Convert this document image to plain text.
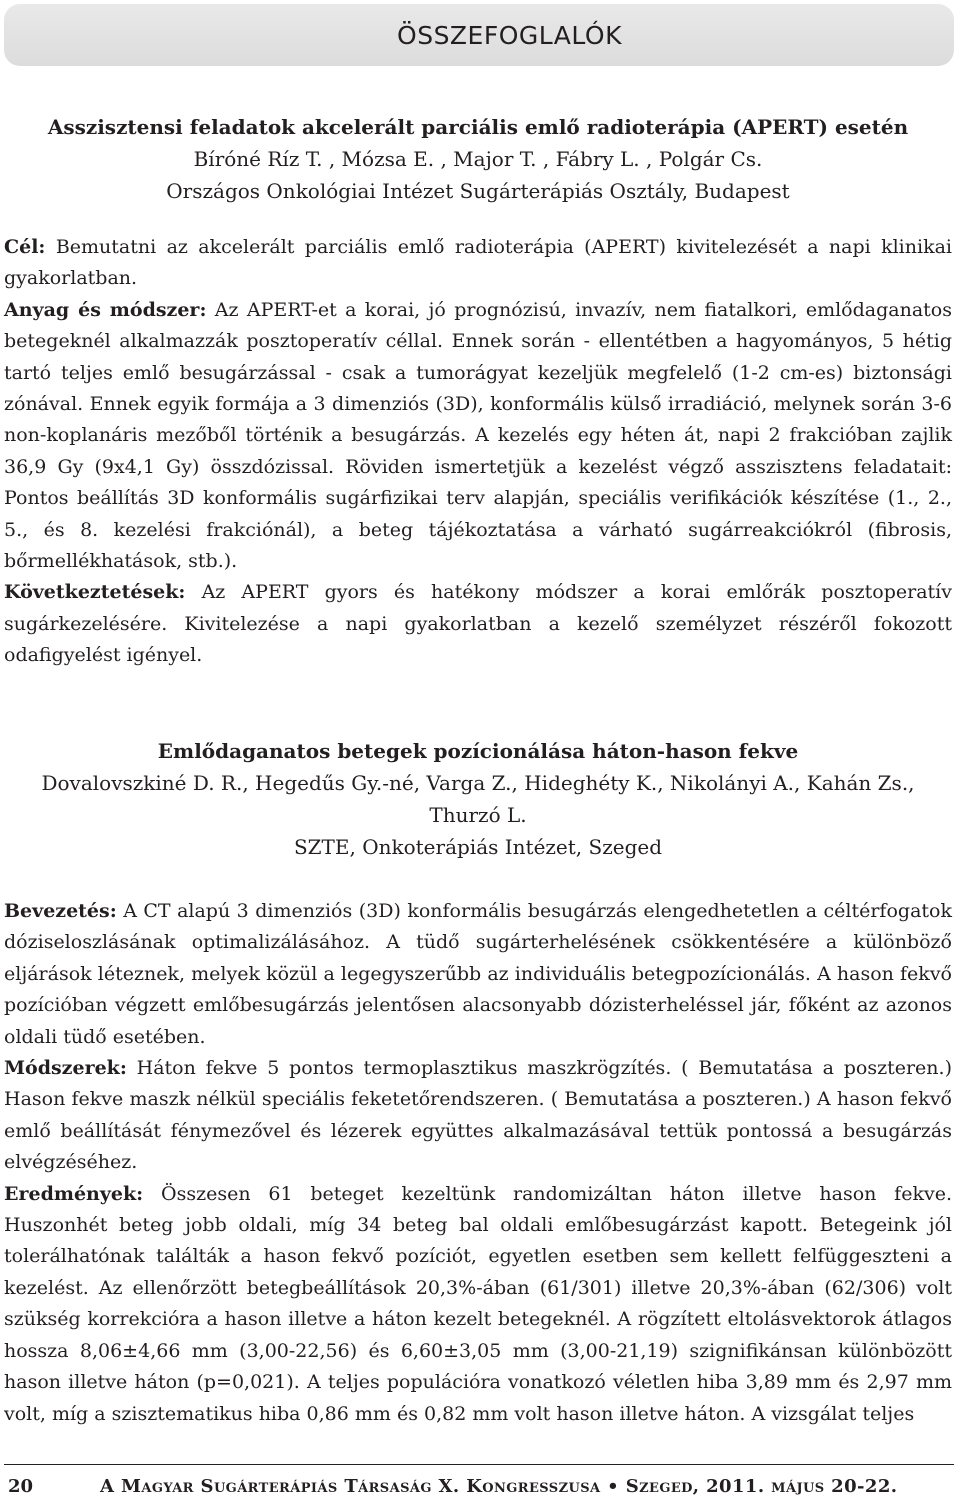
ÖSSZEFOGLALÓK

Asszisztensi feladatok akcelerált parciális emlő radioterápia (APERT) esetén

Bíróné Ríz T. , Mózsa E. , Major T. , Fábry L. , Polgár Cs.

Országos Onkológiai Intézet Sugárterápiás Osztály, Budapest

Cél: Bemutatni az akcelerált parciális emlő radioterápia (APERT) kivitelezését a napi klinikai gyakorlatban.

Anyag és módszer: Az APERT-et a korai, jó prognózisú, invazív, nem fiatalkori, emlődaganatos betegeknél alkalmazzák posztoperatív céllal. Ennek során - ellentétben a hagyományos, 5 hétig tartó teljes emlő besugárzással - csak a tumorágyat kezeljük megfelelő (1-2 cm-es) biztonsági zónával. Ennek egyik formája a 3 dimenziós (3D), konformális külső irradiáció, melynek során 3-6 non-koplanáris mezőből történik a besugárzás. A kezelés egy héten át, napi 2 frakcióban zajlik 36,9 Gy (9x4,1 Gy) összdózissal. Röviden ismertetjük a kezelést végző asszisztens feladatait: Pontos beállítás 3D konformális sugárfizikai terv alapján, speciális verifikációk készítése (1., 2., 5., és 8. kezelési frakciónál), a beteg tájékoztatása a várható sugárreakciókról (fibrosis, bőrmellékhatások, stb.).

Következtetések: Az APERT gyors és hatékony módszer a korai emlőrák posztoperatív sugárkezelésére. Kivitelezése a napi gyakorlatban a kezelő személyzet részéről fokozott odafigyelést igényel.

Emlődaganatos betegek pozícionálása háton-hason fekve

Dovalovszkiné D. R., Hegedűs Gy.-né, Varga Z., Hideghéty K., Nikolányi A., Kahán Zs., Thurzó L.

SZTE, Onkoterápiás Intézet, Szeged

Bevezetés: A CT alapú 3 dimenziós (3D) konformális besugárzás elengedhetetlen a céltérfogatok dóziseloszlásának optimalizálásához. A tüdő sugárterhelésének csökkentésére a különböző eljárások léteznek, melyek közül a legegyszerűbb az individuális betegpozícionálás. A hason fekvő pozícióban végzett emlőbesugárzás jelentősen alacsonyabb dózisterheléssel jár, főként az azonos oldali tüdő esetében.

Módszerek: Háton fekve 5 pontos termoplasztikus maszkrögzítés. ( Bemutatása a poszteren.) Hason fekve maszk nélkül speciális feketetőrendszeren. ( Bemutatása a poszteren.) A hason fekvő emlő beállítását fénymezővel és lézerek együttes alkalmazásával tettük pontossá a besugárzás elvégzéséhez.

Eredmények: Összesen 61 beteget kezeltünk randomizáltan háton illetve hason fekve. Huszonhét beteg jobb oldali, míg 34 beteg bal oldali emlőbesugárzást kapott. Betegeink jól tolerálhatónak találták a hason fekvő pozíciót, egyetlen esetben sem kellett felfüggeszteni a kezelést. Az ellenőrzött betegbeállítások 20,3%-ában (61/301) illetve 20,3%-ában (62/306) volt szükség korrekcióra a hason illetve a háton kezelt betegeknél. A rögzített eltolásvektorok átlagos hossza 8,06±4,66 mm (3,00-22,56) és 6,60±3,05 mm (3,00-21,19) szignifikánsan különbözött hason illetve háton (p=0,021). A teljes populációra vonatkozó véletlen hiba 3,89 mm és 2,97 mm volt, míg a szisztematikus hiba 0,86 mm és 0,82 mm volt hason illetve háton. A vizsgálat teljes

20	A Magyar Sugárterápiás Társaság X. Kongresszusa • Szeged, 2011. május 20-22.
